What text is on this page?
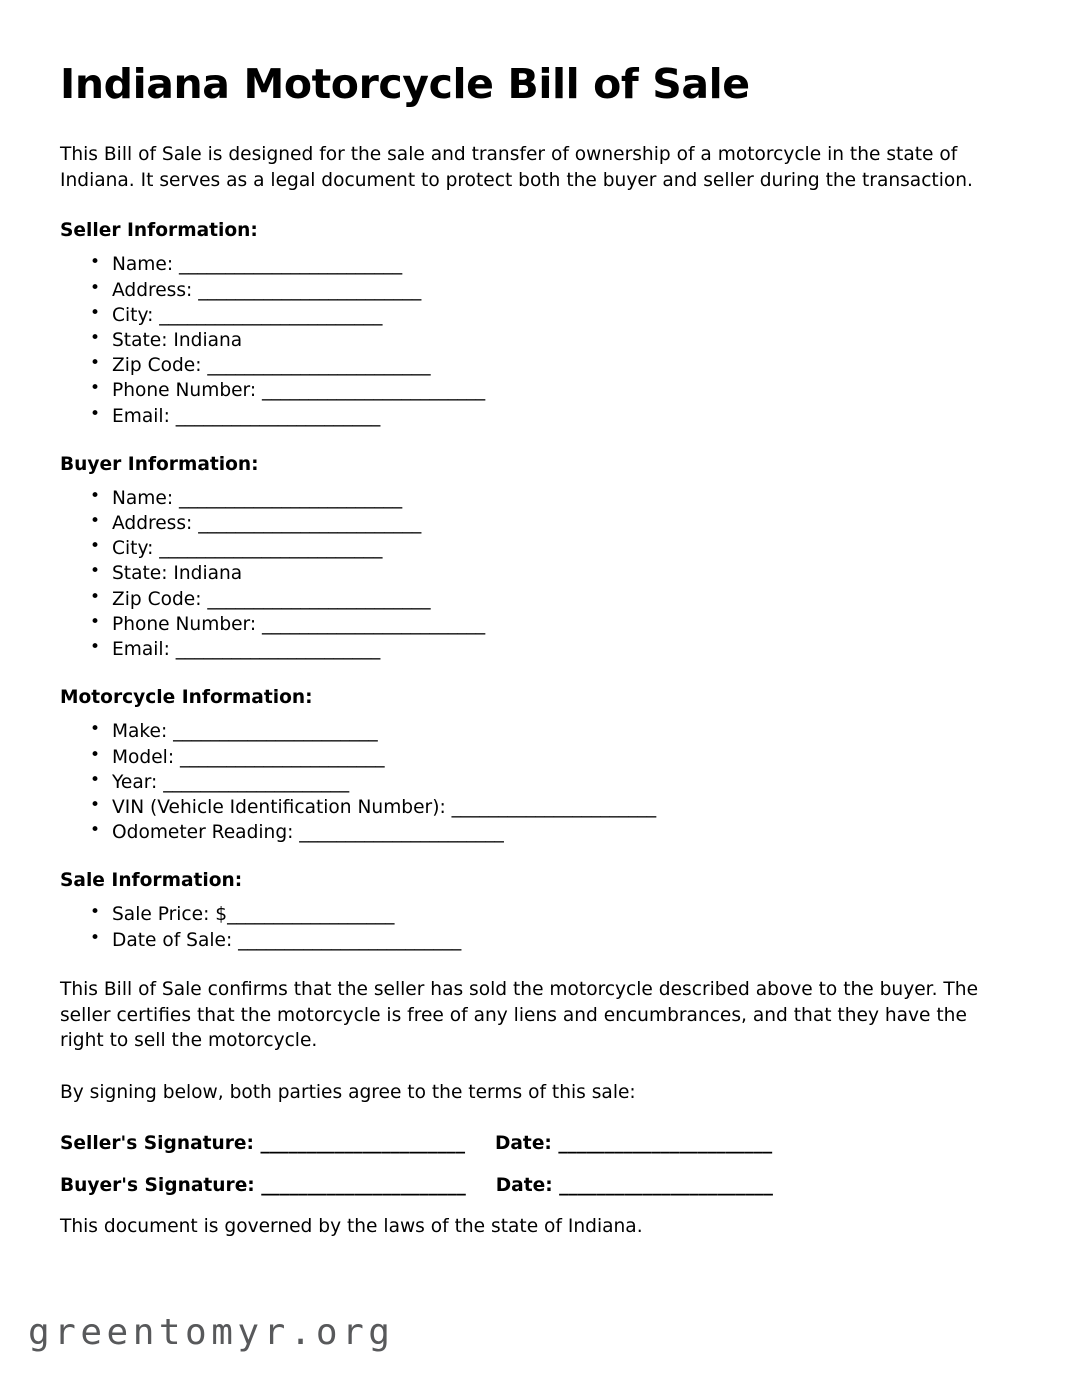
Indiana Motorcycle Bill of Sale

This Bill of Sale is designed for the sale and transfer of ownership of a motorcycle in the state of Indiana. It serves as a legal document to protect both the buyer and seller during the transaction.

Seller Information:
• Name: ________________________
• Address: ________________________
• City: ________________________
• State: Indiana
• Zip Code: ________________________
• Phone Number: ________________________
• Email: ______________________
Buyer Information:
• Name: ________________________
• Address: ________________________
• City: ________________________
• State: Indiana
• Zip Code: ________________________
• Phone Number: ________________________
• Email: ______________________
Motorcycle Information:
• Make: ______________________
• Model: ______________________
• Year: ____________________
• VIN (Vehicle Identification Number): ______________________
• Odometer Reading: ______________________
Sale Information:
• Sale Price: $__________________
• Date of Sale: ________________________

This Bill of Sale confirms that the seller has sold the motorcycle described above to the buyer. The seller certifies that the motorcycle is free of any liens and encumbrances, and that they have the right to sell the motorcycle.

By signing below, both parties agree to the terms of this sale:

Seller's Signature: ______________________ Date: _______________________
Buyer's Signature: ______________________ Date: _______________________

This document is governed by the laws of the state of Indiana.

greentomyr.org
